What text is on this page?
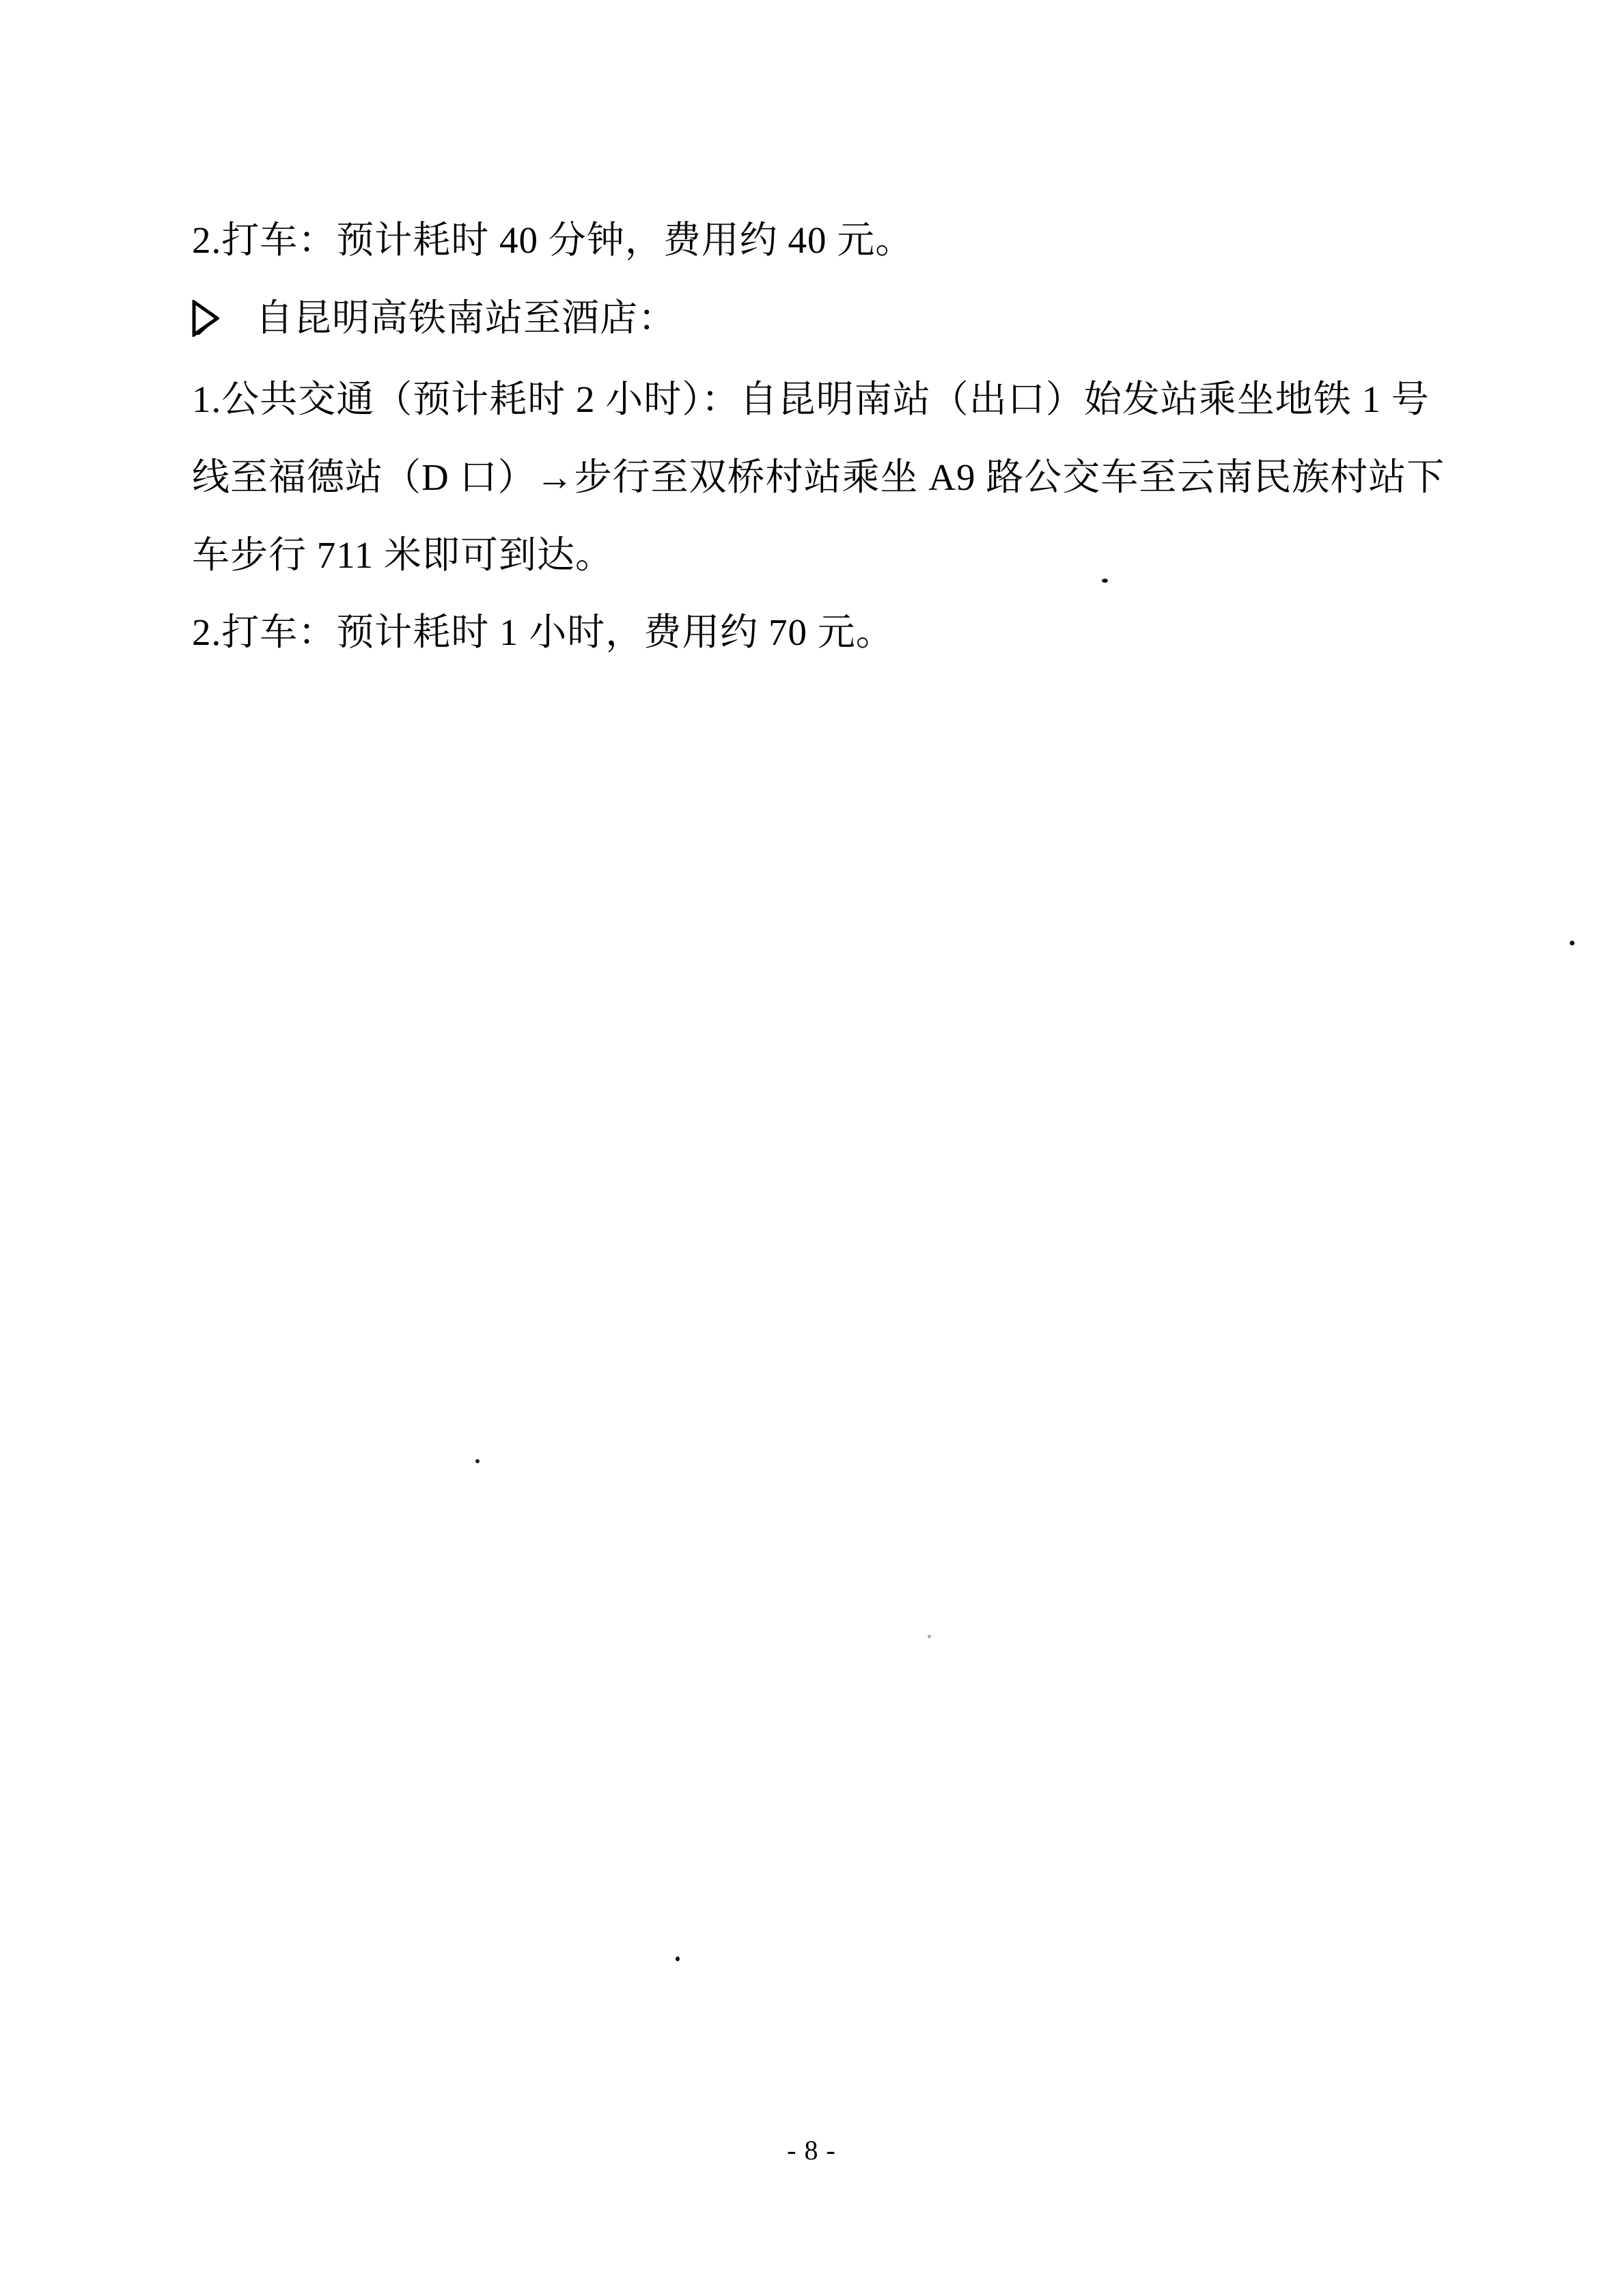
2.打车：预计耗时 40 分钟，费用约 40 元。
自昆明高铁南站至酒店：
1.公共交通（预计耗时 2 小时）：自昆明南站（出口）始发站乘坐地铁 1 号
线至福德站（D 口）→步行至双桥村站乘坐 A9 路公交车至云南民族村站下
车步行 711 米即可到达。
2.打车：预计耗时 1 小时，费用约 70 元。
- 8 -
